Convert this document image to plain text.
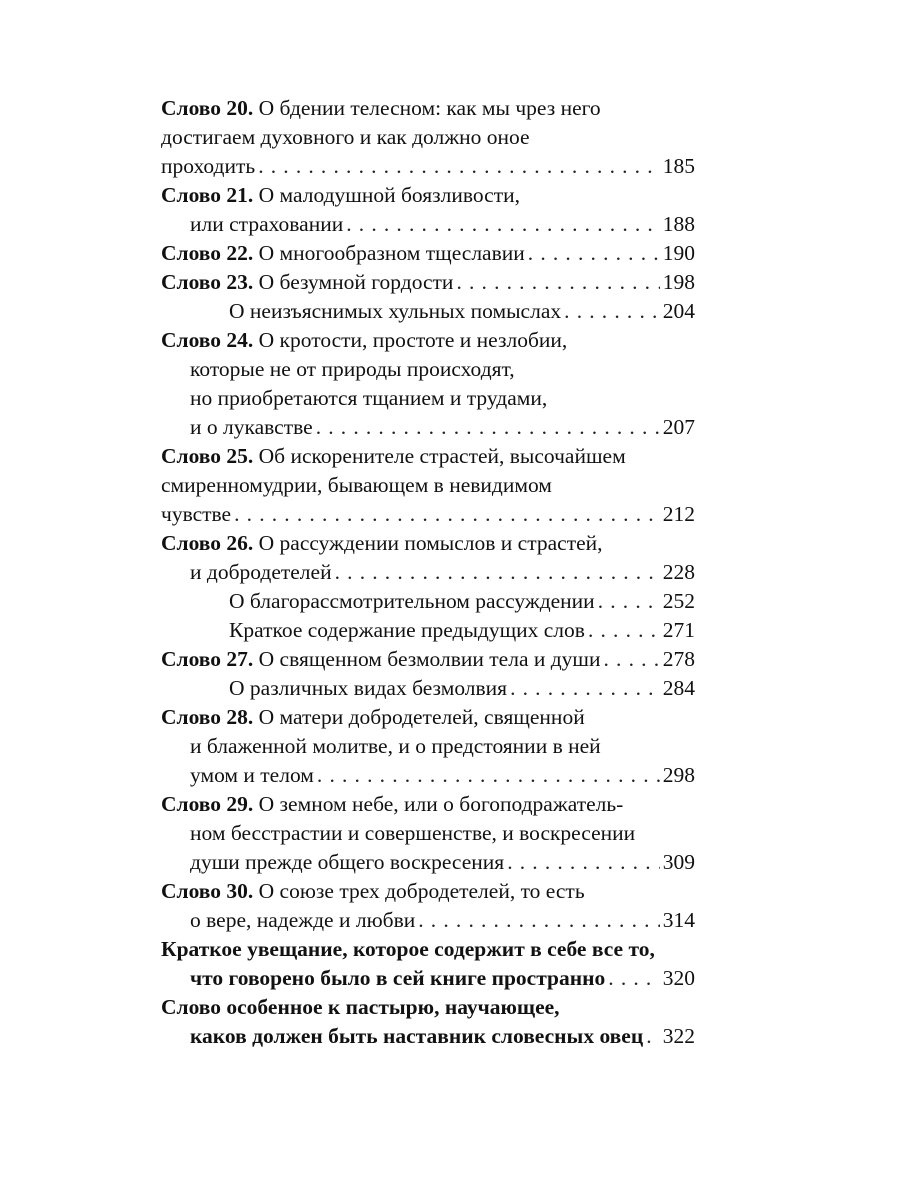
Слово 20. О бдении телесном: как мы чрез него
достигаем духовного и как должно оное
проходить . . .	185
Слово 21. О малодушной боязливости,
или страховании . . .	188
Слово 22. О многообразном тщеславии . . .	190
Слово 23. О безумной гордости . . .	198
О неизъяснимых хульных помыслах . . .	204
Слово 24. О кротости, простоте и незлобии,
которые не от природы происходят,
но приобретаются тщанием и трудами,
и о лукавстве . . .	207
Слово 25. Об искоренителе страстей, высочайшем
смиренномудрии, бывающем в невидимом
чувстве . . .	212
Слово 26. О рассуждении помыслов и страстей,
и добродетелей . . .	228
О благорассмотрительном рассуждении . . .	252
Краткое содержание предыдущих слов . . .	271
Слово 27. О священном безмолвии тела и души . . .	278
О различных видах безмолвия . . .	284
Слово 28. О матери добродетелей, священной
и блаженной молитве, и о предстоянии в ней
умом и телом . . .	298
Слово 29. О земном небе, или о богоподражатель-
ном бесстрастии и совершенстве, и воскресении
души прежде общего воскресения . . .	309
Слово 30. О союзе трех добродетелей, то есть
о вере, надежде и любви . . .	314
Краткое увещание, которое содержит в себе все то,
что говорено было в сей книге пространно . . .	320
Слово особенное к пастырю, научающее,
каков должен быть наставник словесных овец . . . 322
